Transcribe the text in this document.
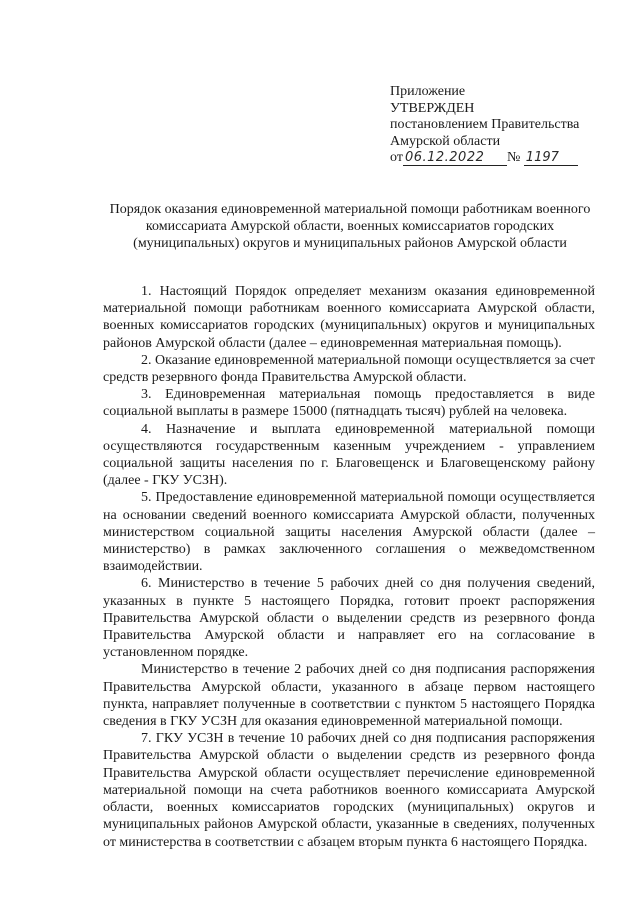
Приложение
УТВЕРЖДЕН
постановлением Правительства
Амурской области
от 06.12.2022 № 1197
Порядок оказания единовременной материальной помощи работникам военного комиссариата Амурской области, военных комиссариатов городских (муниципальных) округов и муниципальных районов Амурской области

1. Настоящий Порядок определяет механизм оказания единовременной материальной помощи работникам военного комиссариата Амурской области, военных комиссариатов городских (муниципальных) округов и муниципальных районов Амурской области (далее – единовременная материальная помощь).

2. Оказание единовременной материальной помощи осуществляется за счет средств резервного фонда Правительства Амурской области.

3. Единовременная материальная помощь предоставляется в виде социальной выплаты в размере 15000 (пятнадцать тысяч) рублей на человека.

4. Назначение и выплата единовременной материальной помощи осуществляются государственным казенным учреждением - управлением социальной защиты населения по г. Благовещенск и Благовещенскому району (далее - ГКУ УСЗН).

5. Предоставление единовременной материальной помощи осуществляется на основании сведений военного комиссариата Амурской области, полученных министерством социальной защиты населения Амурской области (далее – министерство) в рамках заключенного соглашения о межведомственном взаимодействии.

6. Министерство в течение 5 рабочих дней со дня получения сведений, указанных в пункте 5 настоящего Порядка, готовит проект распоряжения Правительства Амурской области о выделении средств из резервного фонда Правительства Амурской области и направляет его на согласование в установленном порядке.

Министерство в течение 2 рабочих дней со дня подписания распоряжения Правительства Амурской области, указанного в абзаце первом настоящего пункта, направляет полученные в соответствии с пунктом 5 настоящего Порядка сведения в ГКУ УСЗН для оказания единовременной материальной помощи.

7. ГКУ УСЗН в течение 10 рабочих дней со дня подписания распоряжения Правительства Амурской области о выделении средств из резервного фонда Правительства Амурской области осуществляет перечисление единовременной материальной помощи на счета работников военного комиссариата Амурской области, военных комиссариатов городских (муниципальных) округов и муниципальных районов Амурской области, указанные в сведениях, полученных от министерства в соответствии с абзацем вторым пункта 6 настоящего Порядка.
